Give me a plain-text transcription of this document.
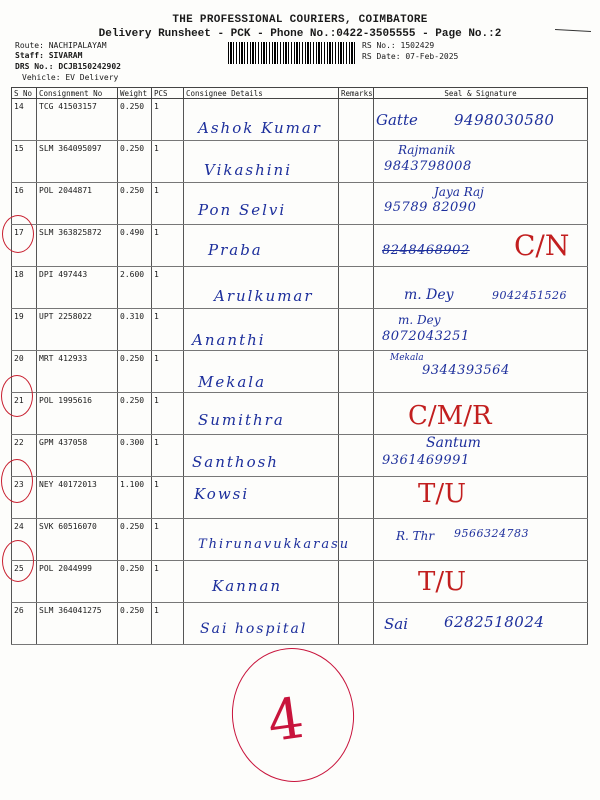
THE PROFESSIONAL COURIERS, COIMBATORE
Delivery Runsheet - PCK - Phone No.:0422-3505555 - Page No.:2
Route: NACHIPALAYAM
Staff: SIVARAM
DRS No.: DCJB150242902
Vehicle: EV Delivery
RS No.: 1502429
RS Date: 07-Feb-2025
S No	Consignment No	Weight	PCS	Consignee Details	Remarks	Seal & Signature
14	TCG 41503157	0.250	1	Ashok Kumar		Gatte 9498030580

15	SLM 364095097	0.250	1	Vikashini		Rajmanik
9843798008

16	POL 2044871	0.250	1	Pon Selvi		Jaya Raj
95789 82090

17	SLM 363825872	0.490	1	Praba		8248468902 C/N

18	DPI 497443	2.600	1	Arulkumar		m. Dey 9042451526

19	UPT 2258022	0.310	1	Ananthi		m. Dey
8072043251

20	MRT 412933	0.250	1	Mekala		Mekala
9344393564

21	POL 1995616	0.250	1	Sumithra		C/M/R

22	GPM 437058	0.300	1	Santhosh		Santum
9361469991

23	NEY 40172013	1.100	1	Kowsi		T/U

24	SVK 60516070	0.250	1	Thirunavukkarasu		R. Thr 9566324783

25	POL 2044999	0.250	1	Kannan		T/U

26	SLM 364041275	0.250	1	Sai hospital		Sai 6282518024
4
